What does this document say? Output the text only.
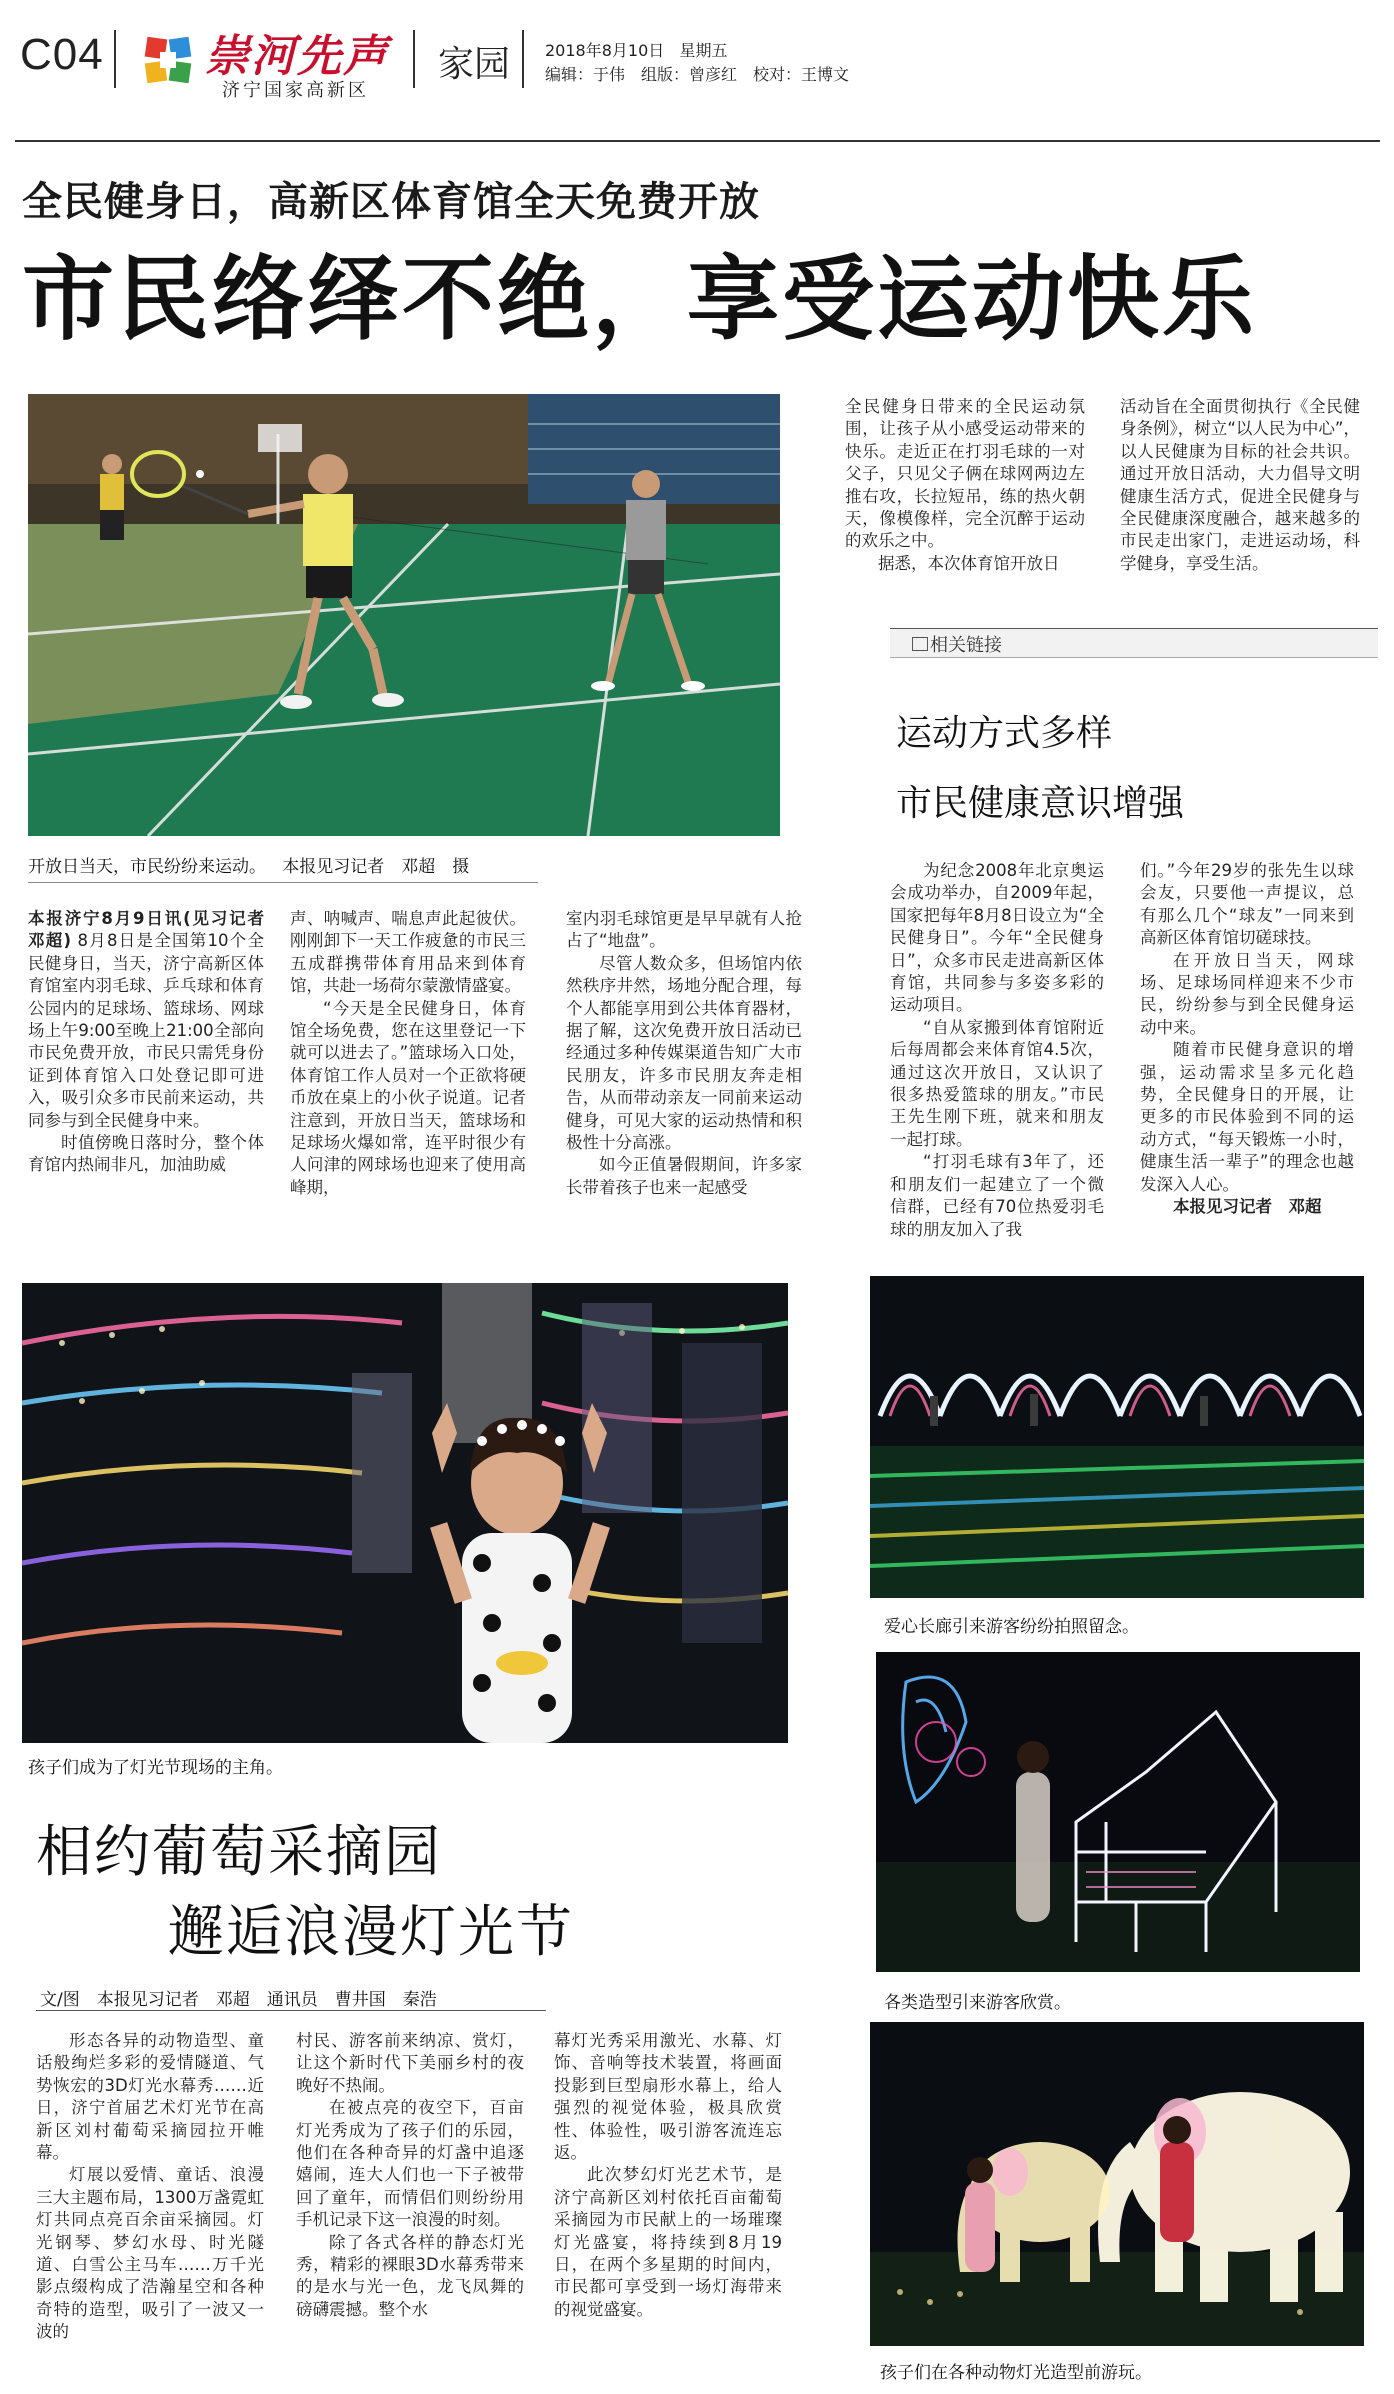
C04 崇河先声
济宁国家高新区
家园 2018年8月10日 星期五
编辑：于伟　组版：曾彦红　校对：王博文
全民健身日，高新区体育馆全天免费开放
市民络绎不绝，享受运动快乐
开放日当天，市民纷纷来运动。 本报见习记者　邓超　摄

本报济宁8月9日讯(见习记者　邓超) 8月8日是全国第10个全民健身日，当天，济宁高新区体育馆室内羽毛球、乒乓球和体育公园内的足球场、篮球场、网球场上午9:00至晚上21:00全部向市民免费开放，市民只需凭身份证到体育馆入口处登记即可进入，吸引众多市民前来运动，共同参与到全民健身中来。

时值傍晚日落时分，整个体育馆内热闹非凡，加油助威

声、呐喊声、喘息声此起彼伏。刚刚卸下一天工作疲惫的市民三五成群携带体育用品来到体育馆，共赴一场荷尔蒙激情盛宴。

“今天是全民健身日，体育馆全场免费，您在这里登记一下就可以进去了。”篮球场入口处，体育馆工作人员对一个正欲将硬币放在桌上的小伙子说道。记者注意到，开放日当天，篮球场和足球场火爆如常，连平时很少有人问津的网球场也迎来了使用高峰期，

室内羽毛球馆更是早早就有人抢占了“地盘”。

尽管人数众多，但场馆内依然秩序井然，场地分配合理，每个人都能享用到公共体育器材，据了解，这次免费开放日活动已经通过多种传媒渠道告知广大市民朋友，许多市民朋友奔走相告，从而带动亲友一同前来运动健身，可见大家的运动热情和积极性十分高涨。

如今正值暑假期间，许多家长带着孩子也来一起感受

全民健身日带来的全民运动氛围，让孩子从小感受运动带来的快乐。走近正在打羽毛球的一对父子，只见父子俩在球网两边左推右攻，长拉短吊，练的热火朝天，像模像样，完全沉醉于运动的欢乐之中。

据悉，本次体育馆开放日

活动旨在全面贯彻执行《全民健身条例》，树立“以人民为中心”，以人民健康为目标的社会共识。通过开放日活动，大力倡导文明健康生活方式，促进全民健身与全民健康深度融合，越来越多的市民走出家门，走进运动场，科学健身，享受生活。

相关链接
运动方式多样
市民健康意识增强

为纪念2008年北京奥运会成功举办，自2009年起，国家把每年8月8日设立为“全民健身日”。今年“全民健身日”，众多市民走进高新区体育馆，共同参与多姿多彩的运动项目。

“自从家搬到体育馆附近后每周都会来体育馆4.5次，通过这次开放日，又认识了很多热爱篮球的朋友。”市民王先生刚下班，就来和朋友一起打球。

“打羽毛球有3年了，还和朋友们一起建立了一个微信群，已经有70位热爱羽毛球的朋友加入了我

们。”今年29岁的张先生以球会友，只要他一声提议，总有那么几个“球友”一同来到高新区体育馆切磋球技。

在开放日当天，网球场、足球场同样迎来不少市民，纷纷参与到全民健身运动中来。

随着市民健身意识的增强，运动需求呈多元化趋势，全民健身日的开展，让更多的市民体验到不同的运动方式，“每天锻炼一小时，健康生活一辈子”的理念也越发深入人心。

本报见习记者　邓超

孩子们成为了灯光节现场的主角。
相约葡萄采摘园
邂逅浪漫灯光节
文/图　本报见习记者　邓超　通讯员　曹井国　秦浩

形态各异的动物造型、童话般绚烂多彩的爱情隧道、气势恢宏的3D灯光水幕秀……近日，济宁首届艺术灯光节在高新区刘村葡萄采摘园拉开帷幕。

灯展以爱情、童话、浪漫三大主题布局，1300万盏霓虹灯共同点亮百余亩采摘园。灯光钢琴、梦幻水母、时光隧道、白雪公主马车……万千光影点缀构成了浩瀚星空和各种奇特的造型，吸引了一波又一波的

村民、游客前来纳凉、赏灯，让这个新时代下美丽乡村的夜晚好不热闹。

在被点亮的夜空下，百亩灯光秀成为了孩子们的乐园，他们在各种奇异的灯盏中追逐嬉闹，连大人们也一下子被带回了童年，而情侣们则纷纷用手机记录下这一浪漫的时刻。

除了各式各样的静态灯光秀，精彩的裸眼3D水幕秀带来的是水与光一色，龙飞凤舞的磅礴震撼。整个水

幕灯光秀采用激光、水幕、灯饰、音响等技术装置，将画面投影到巨型扇形水幕上，给人强烈的视觉体验，极具欣赏性、体验性，吸引游客流连忘返。

此次梦幻灯光艺术节，是济宁高新区刘村依托百亩葡萄采摘园为市民献上的一场璀璨灯光盛宴，将持续到8月19日，在两个多星期的时间内，市民都可享受到一场灯海带来的视觉盛宴。

爱心长廊引来游客纷纷拍照留念。
各类造型引来游客欣赏。
孩子们在各种动物灯光造型前游玩。
